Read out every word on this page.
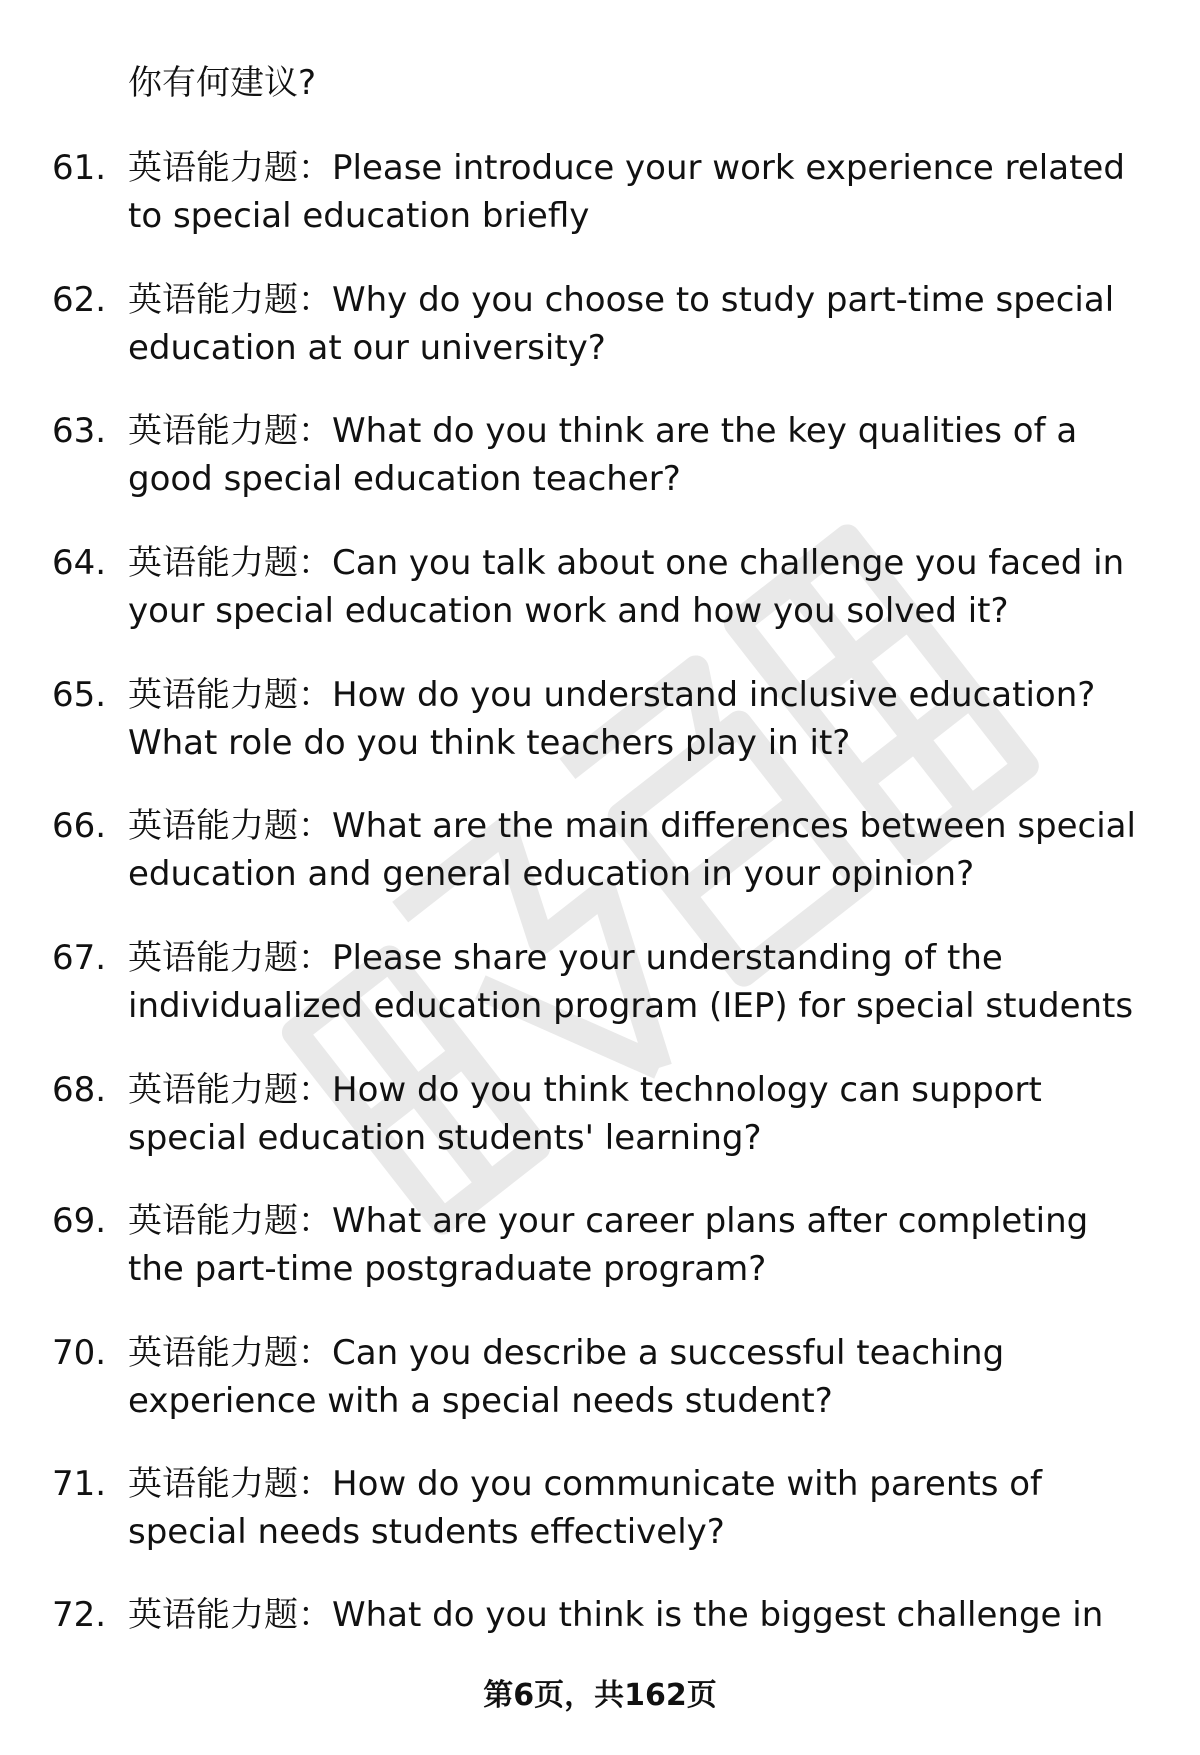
你有何建议?
61. 英语能力题：Please introduce your work experience related
to special education briefly
62. 英语能力题：Why do you choose to study part-time special
education at our university?
63. 英语能力题：What do you think are the key qualities of a
good special education teacher?
64. 英语能力题：Can you talk about one challenge you faced in
your special education work and how you solved it?
65. 英语能力题：How do you understand inclusive education?
What role do you think teachers play in it?
66. 英语能力题：What are the main differences between special
education and general education in your opinion?
67. 英语能力题：Please share your understanding of the
individualized education program (IEP) for special students
68. 英语能力题：How do you think technology can support
special education students' learning?
69. 英语能力题：What are your career plans after completing
the part-time postgraduate program?
70. 英语能力题：Can you describe a successful teaching
experience with a special needs student?
71. 英语能力题：How do you communicate with parents of
special needs students effectively?
72. 英语能力题：What do you think is the biggest challenge in
第6页，共162页
